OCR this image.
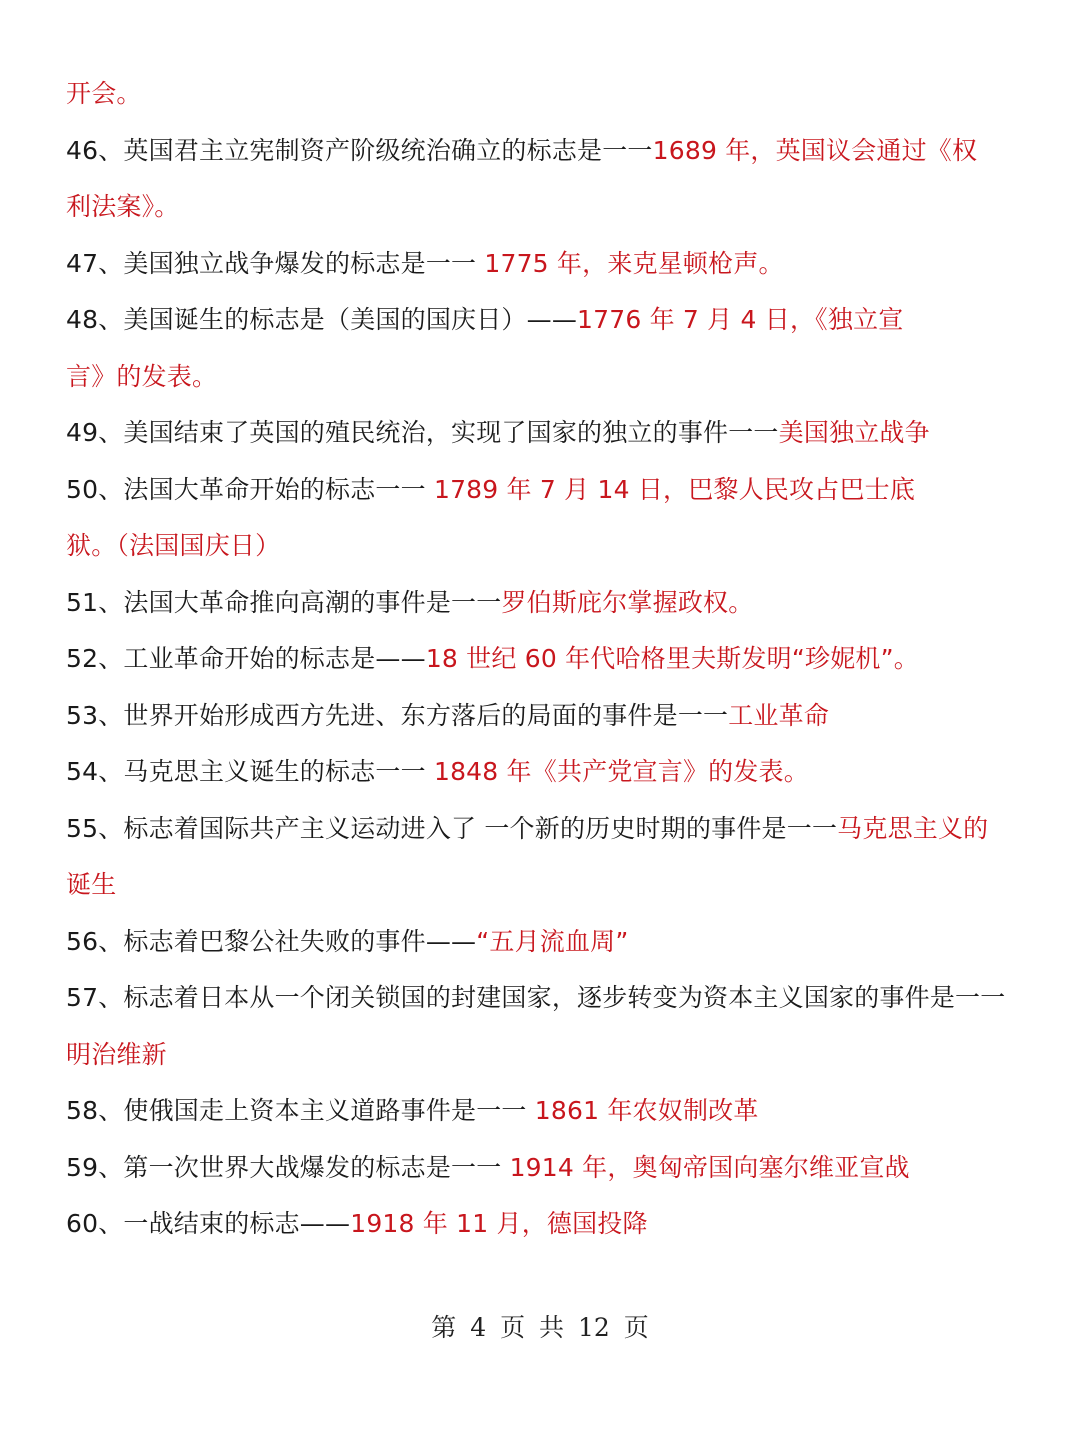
开会。
46、英国君主立宪制资产阶级统治确立的标志是一一1689 年，英国议会通过《权
利法案》。
47、美国独立战争爆发的标志是一一 1775 年，来克星顿枪声。
48、美国诞生的标志是（美国的国庆日）——1776 年 7 月 4 日，《独立宣
言》的发表。
49、美国结束了英国的殖民统治，实现了国家的独立的事件一一美国独立战争
50、法国大革命开始的标志一一 1789 年 7 月 14 日，巴黎人民攻占巴士底
狱。（法国国庆日）
51、法国大革命推向高潮的事件是一一罗伯斯庇尔掌握政权。
52、工业革命开始的标志是——18 世纪 60 年代哈格里夫斯发明“珍妮机”。
53、世界开始形成西方先进、东方落后的局面的事件是一一工业革命
54、马克思主义诞生的标志一一 1848 年《共产党宣言》的发表。
55、标志着国际共产主义运动进入了 一个新的历史时期的事件是一一马克思主义的
诞生
56、标志着巴黎公社失败的事件——“五月流血周”
57、标志着日本从一个闭关锁国的封建国家，逐步转变为资本主义国家的事件是一一
明治维新
58、使俄国走上资本主义道路事件是一一 1861 年农奴制改革
59、第一次世界大战爆发的标志是一一 1914 年，奥匈帝国向塞尔维亚宣战
60、一战结束的标志——1918 年 11 月，德国投降
第 4 页 共 12 页
